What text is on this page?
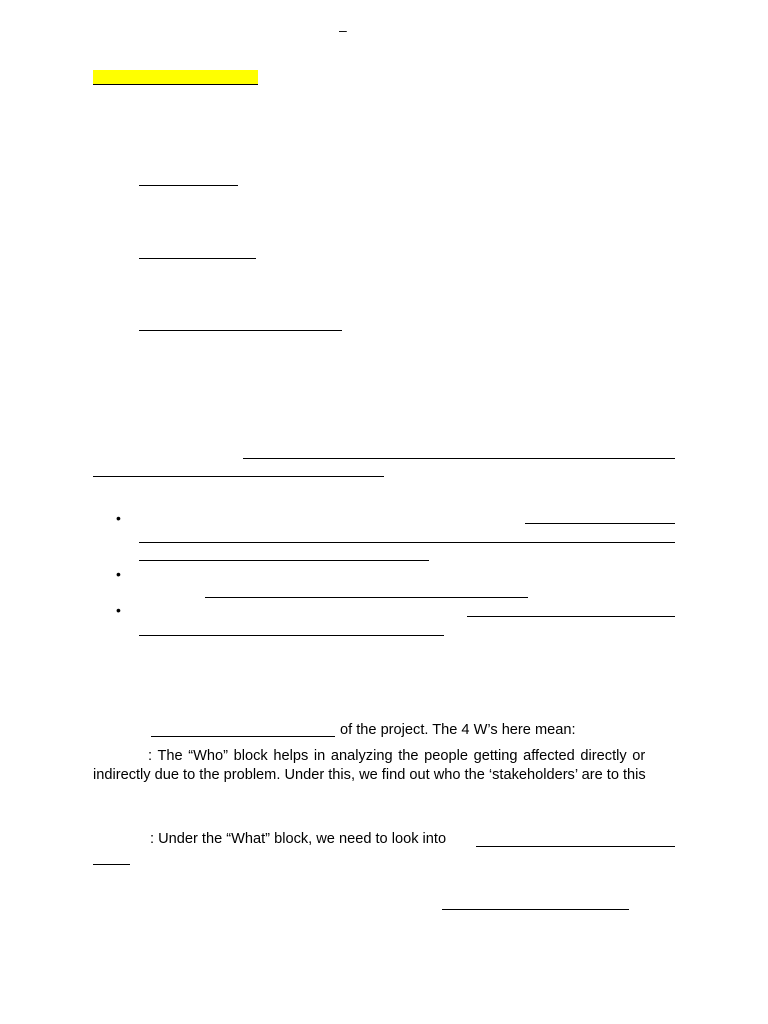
–
•
•
•
of the project. The 4 W’s here mean:
: The “Who” block helps in analyzing the people getting affected directly or
indirectly due to the problem. Under this, we find out who the ‘stakeholders’ are to this
: Under the “What” block, we need to look into
